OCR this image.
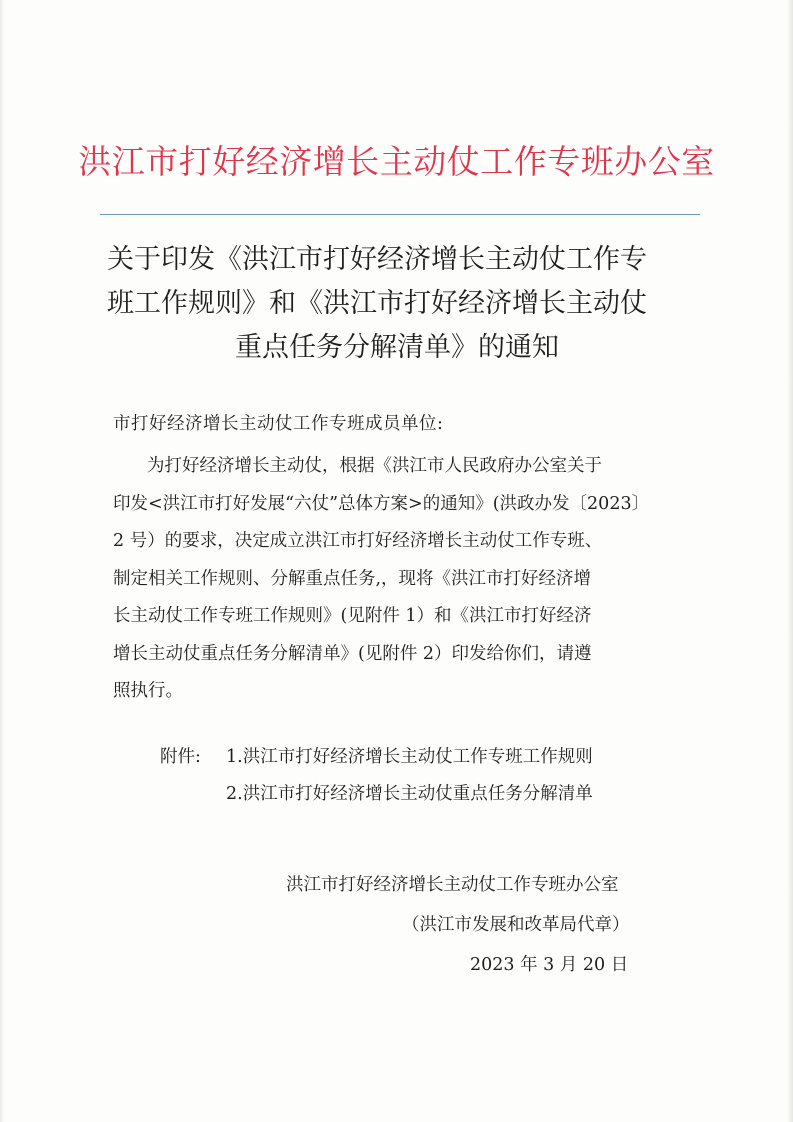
洪江市打好经济增长主动仗工作专班办公室
关于印发《洪江市打好经济增长主动仗工作专
班工作规则》和《洪江市打好经济增长主动仗
重点任务分解清单》的通知
市打好经济增长主动仗工作专班成员单位:
为打好经济增长主动仗，根据《洪江市人民政府办公室关于
印发<洪江市打好发展“六仗”总体方案>的通知》(洪政办发〔2023〕
2 号）的要求，决定成立洪江市打好经济增长主动仗工作专班、
制定相关工作规则、分解重点任务,，现将《洪江市打好经济增
长主动仗工作专班工作规则》(见附件 1）和《洪江市打好经济
增长主动仗重点任务分解清单》(见附件 2）印发给你们，请遵
照执行。
附件: 1.洪江市打好经济增长主动仗工作专班工作规则
2.洪江市打好经济增长主动仗重点任务分解清单
洪江市打好经济增长主动仗工作专班办公室
（洪江市发展和改革局代章）
2023 年 3 月 20 日
